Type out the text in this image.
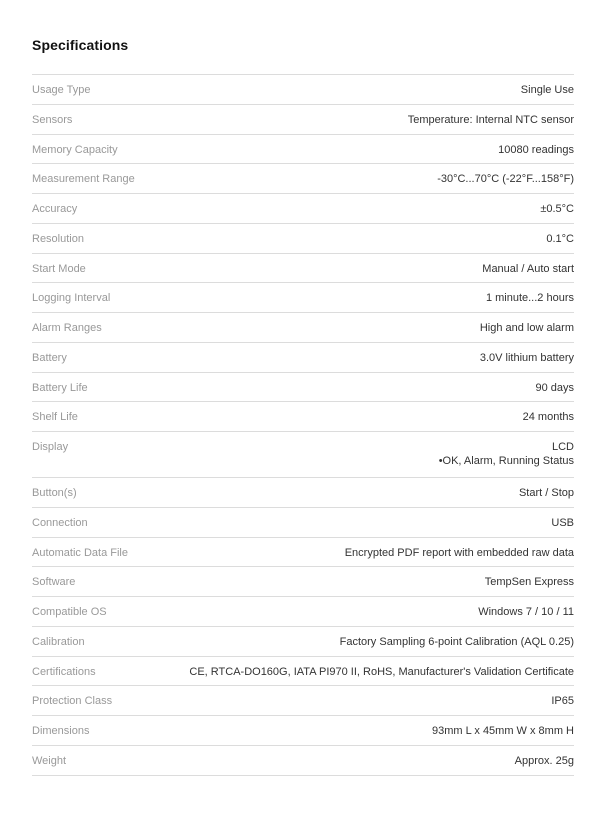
Specifications
Usage Type	Single Use
Sensors	Temperature: Internal NTC sensor
Memory Capacity	10080 readings
Measurement Range	-30°C...70°C (-22°F...158°F)
Accuracy	±0.5°C
Resolution	0.1°C
Start Mode	Manual / Auto start
Logging Interval	1 minute...2 hours
Alarm Ranges	High and low alarm
Battery	3.0V lithium battery
Battery Life	90 days
Shelf Life	24 months
Display	LCD
•OK, Alarm, Running Status
Button(s)	Start / Stop
Connection	USB
Automatic Data File	Encrypted PDF report with embedded raw data
Software	TempSen Express
Compatible OS	Windows 7 / 10 / 11
Calibration	Factory Sampling 6-point Calibration (AQL 0.25)
Certifications	CE, RTCA-DO160G, IATA PI970 II, RoHS, Manufacturer's Validation Certificate
Protection Class	IP65
Dimensions	93mm L x 45mm W x 8mm H
Weight	Approx. 25g
